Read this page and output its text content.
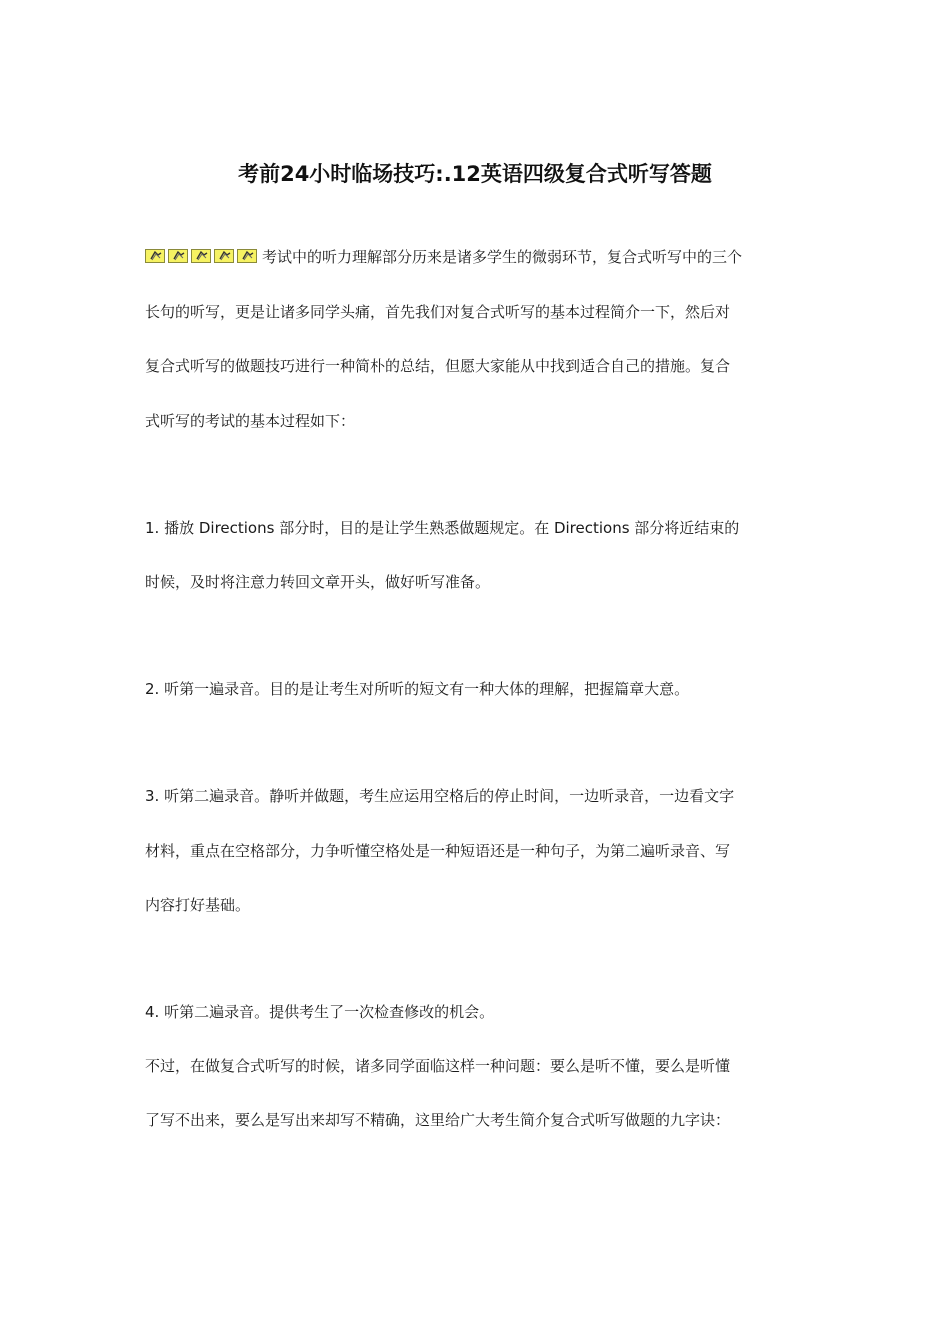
考前24小时临场技巧:.12英语四级复合式听写答题

考试中的听力理解部分历来是诸多学生的微弱环节，复合式听写中的三个

长句的听写，更是让诸多同学头痛，首先我们对复合式听写的基本过程简介一下，然后对

复合式听写的做题技巧进行一种简朴的总结，但愿大家能从中找到适合自己的措施。复合

式听写的考试的基本过程如下：

1. 播放 Directions 部分时，目的是让学生熟悉做题规定。在 Directions 部分将近结束的

时候，及时将注意力转回文章开头，做好听写准备。

2. 听第一遍录音。目的是让考生对所听的短文有一种大体的理解，把握篇章大意。

3. 听第二遍录音。静听并做题，考生应运用空格后的停止时间，一边听录音，一边看文字

材料，重点在空格部分，力争听懂空格处是一种短语还是一种句子，为第二遍听录音、写

内容打好基础。

4. 听第二遍录音。提供考生了一次检查修改的机会。

不过，在做复合式听写的时候，诸多同学面临这样一种问题：要么是听不懂，要么是听懂

了写不出来，要么是写出来却写不精确，这里给广大考生简介复合式听写做题的九字诀：
